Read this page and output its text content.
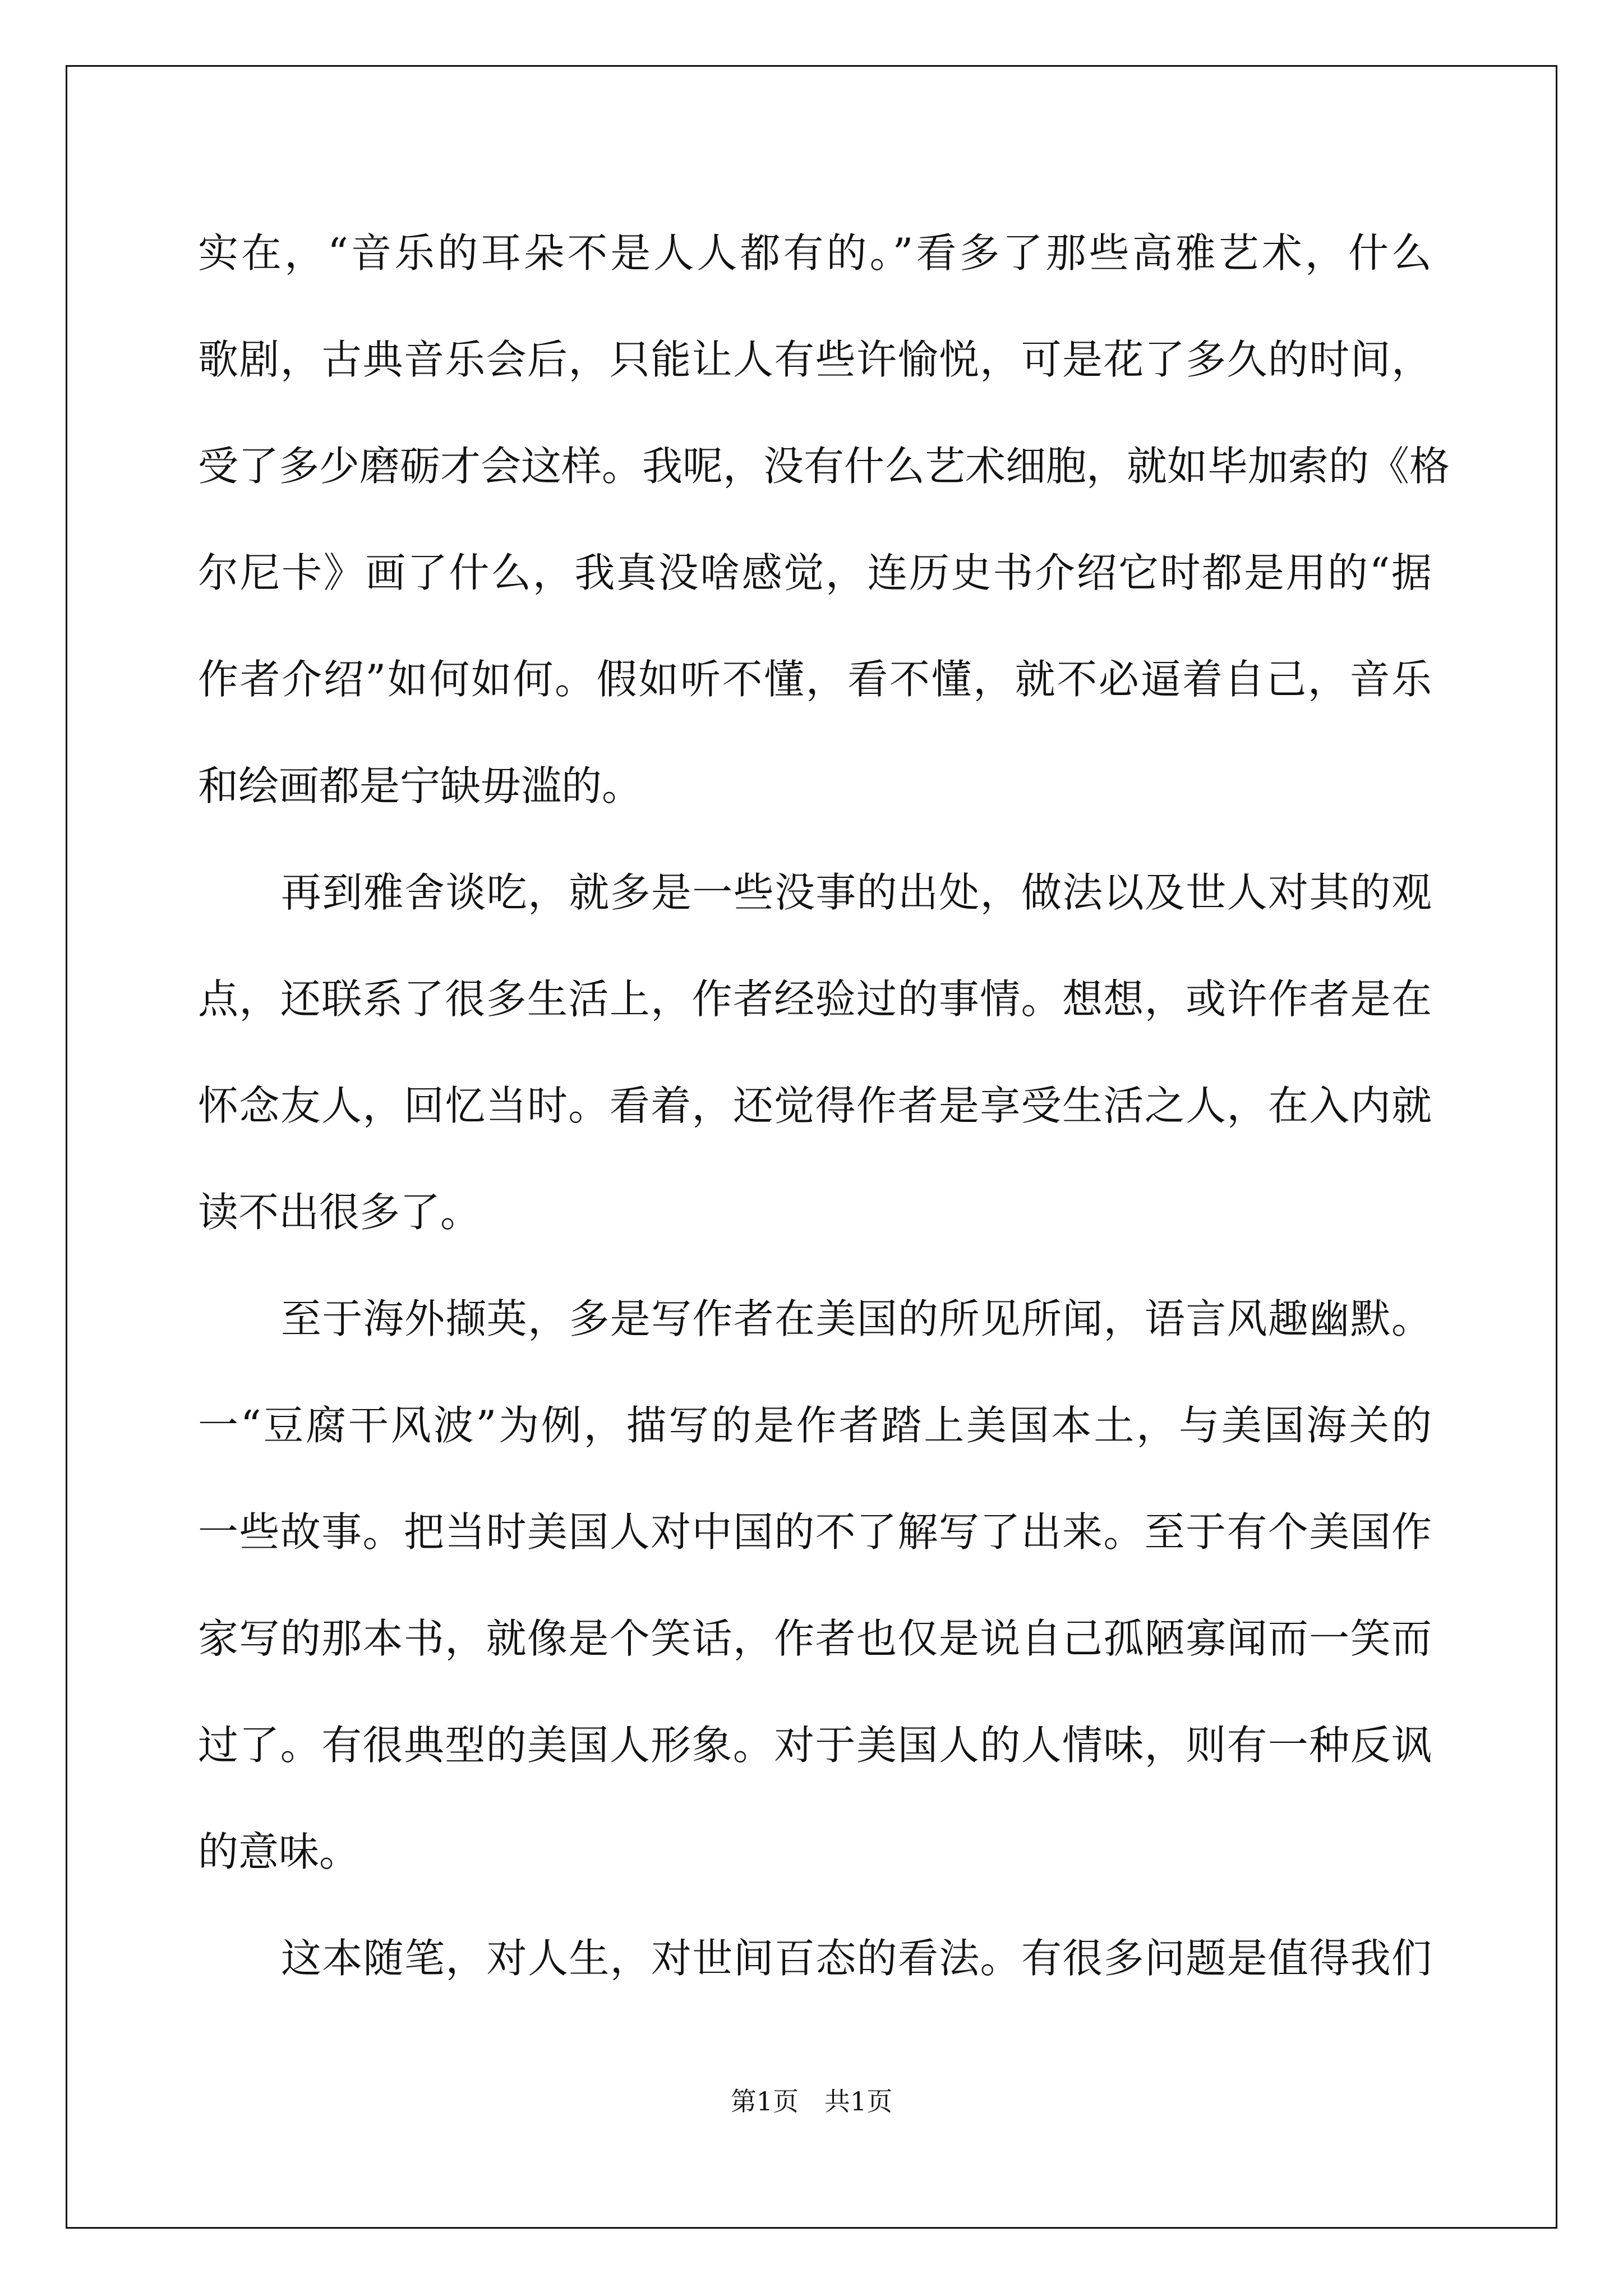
实在，“音乐的耳朵不是人人都有的。”看多了那些高雅艺术，什么
歌剧，古典音乐会后，只能让人有些许愉悦，可是花了多久的时间，
受了多少磨砺才会这样。我呢，没有什么艺术细胞，就如毕加索的《格
尔尼卡》画了什么，我真没啥感觉，连历史书介绍它时都是用的“据
作者介绍”如何如何。假如听不懂，看不懂，就不必逼着自己，音乐
和绘画都是宁缺毋滥的。
再到雅舍谈吃，就多是一些没事的出处，做法以及世人对其的观
点，还联系了很多生活上，作者经验过的事情。想想，或许作者是在
怀念友人，回忆当时。看着，还觉得作者是享受生活之人，在入内就
读不出很多了。
至于海外撷英，多是写作者在美国的所见所闻，语言风趣幽默。
一“豆腐干风波”为例，描写的是作者踏上美国本土，与美国海关的
一些故事。把当时美国人对中国的不了解写了出来。至于有个美国作
家写的那本书，就像是个笑话，作者也仅是说自己孤陋寡闻而一笑而
过了。有很典型的美国人形象。对于美国人的人情味，则有一种反讽
的意味。
这本随笔，对人生，对世间百态的看法。有很多问题是值得我们
第1页　共1页
